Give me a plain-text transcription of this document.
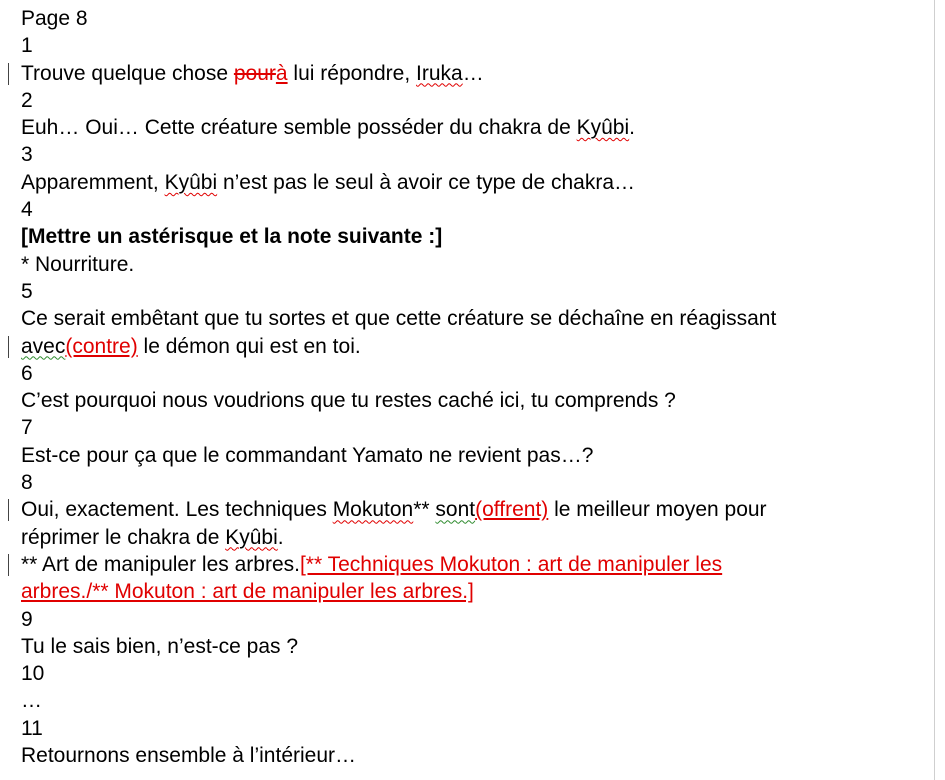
Page 8
1
Trouve quelque chose pourà lui répondre, Iruka…
2
Euh… Oui… Cette créature semble posséder du chakra de Kyûbi.
3
Apparemment, Kyûbi n’est pas le seul à avoir ce type de chakra…
4
[Mettre un astérisque et la note suivante :]
* Nourriture.
5
Ce serait embêtant que tu sortes et que cette créature se déchaîne en réagissant
avec(contre) le démon qui est en toi.
6
C’est pourquoi nous voudrions que tu restes caché ici, tu comprends ?
7
Est-ce pour ça que le commandant Yamato ne revient pas…?
8
Oui, exactement. Les techniques Mokuton** sont(offrent) le meilleur moyen pour
réprimer le chakra de Kyûbi.
** Art de manipuler les arbres.[** Techniques Mokuton : art de manipuler les
arbres./** Mokuton : art de manipuler les arbres.]
9
Tu le sais bien, n’est-ce pas ?
10
…
11
Retournons ensemble à l’intérieur…
